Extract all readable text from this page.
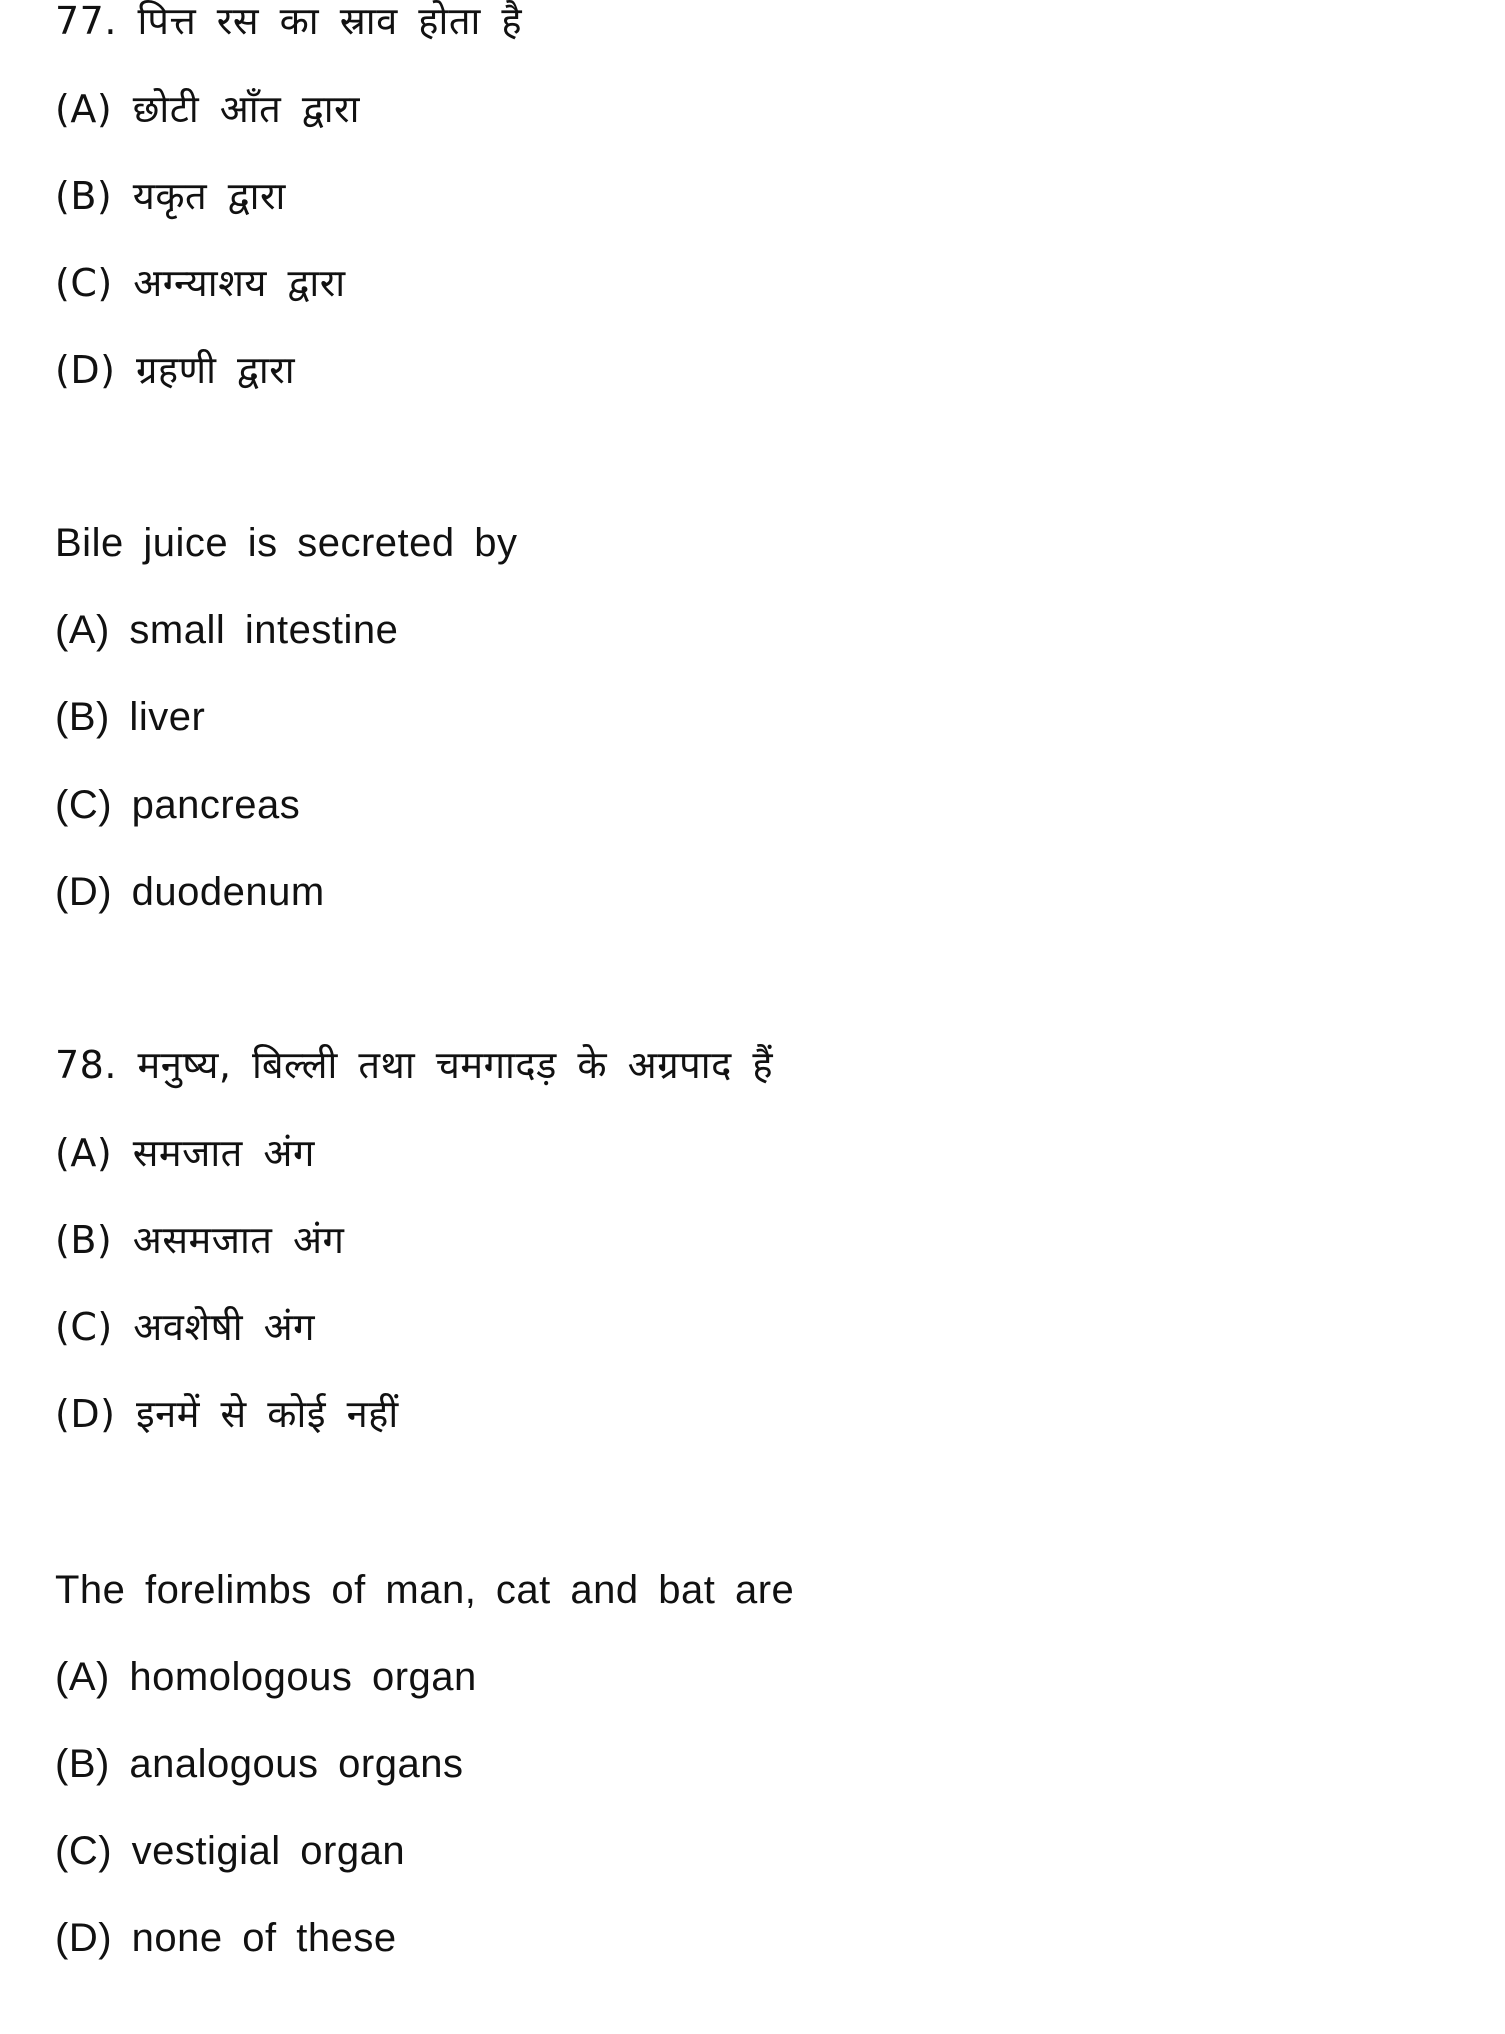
77. पित्त रस का स्राव होता है
(A) छोटी आँत द्वारा
(B) यकृत द्वारा
(C) अग्न्याशय द्वारा
(D) ग्रहणी द्वारा
Bile juice is secreted by
(A) small intestine
(B) liver
(C) pancreas
(D) duodenum
78. मनुष्य, बिल्ली तथा चमगादड़ के अग्रपाद हैं
(A) समजात अंग
(B) असमजात अंग
(C) अवशेषी अंग
(D) इनमें से कोई नहीं
The forelimbs of man, cat and bat are
(A) homologous organ
(B) analogous organs
(C) vestigial organ
(D) none of these
